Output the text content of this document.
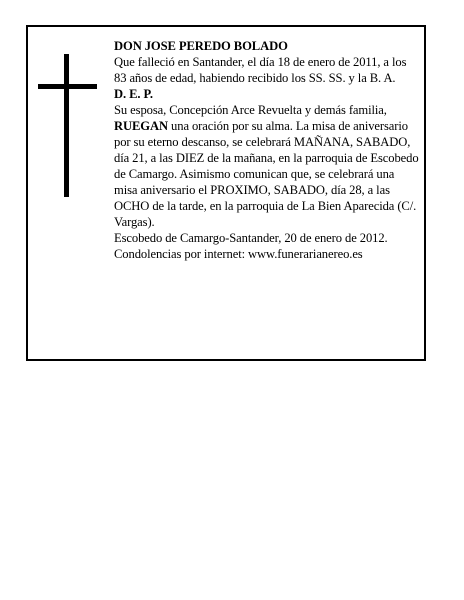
DON JOSE PEREDO BOLADO

Que falleció en Santander, el día 18 de enero de 2011, a los 83 años de edad, habiendo recibido los SS. SS. y la B. A.

D. E. P.

Su esposa, Concepción Arce Revuelta y demás familia, RUEGAN una oración por su alma. La misa de aniversario por su eterno descanso, se celebrará MAÑANA, SABADO, día 21, a las DIEZ de la mañana, en la parroquia de Escobedo de Camargo. Asimismo comunican que, se celebrará una misa aniversario el PROXIMO, SABADO, día 28, a las OCHO de la tarde, en la parroquia de La Bien Aparecida (C/. Vargas).

Escobedo de Camargo-Santander, 20 de enero de 2012.

Condolencias por internet: www.funerarianereo.es
